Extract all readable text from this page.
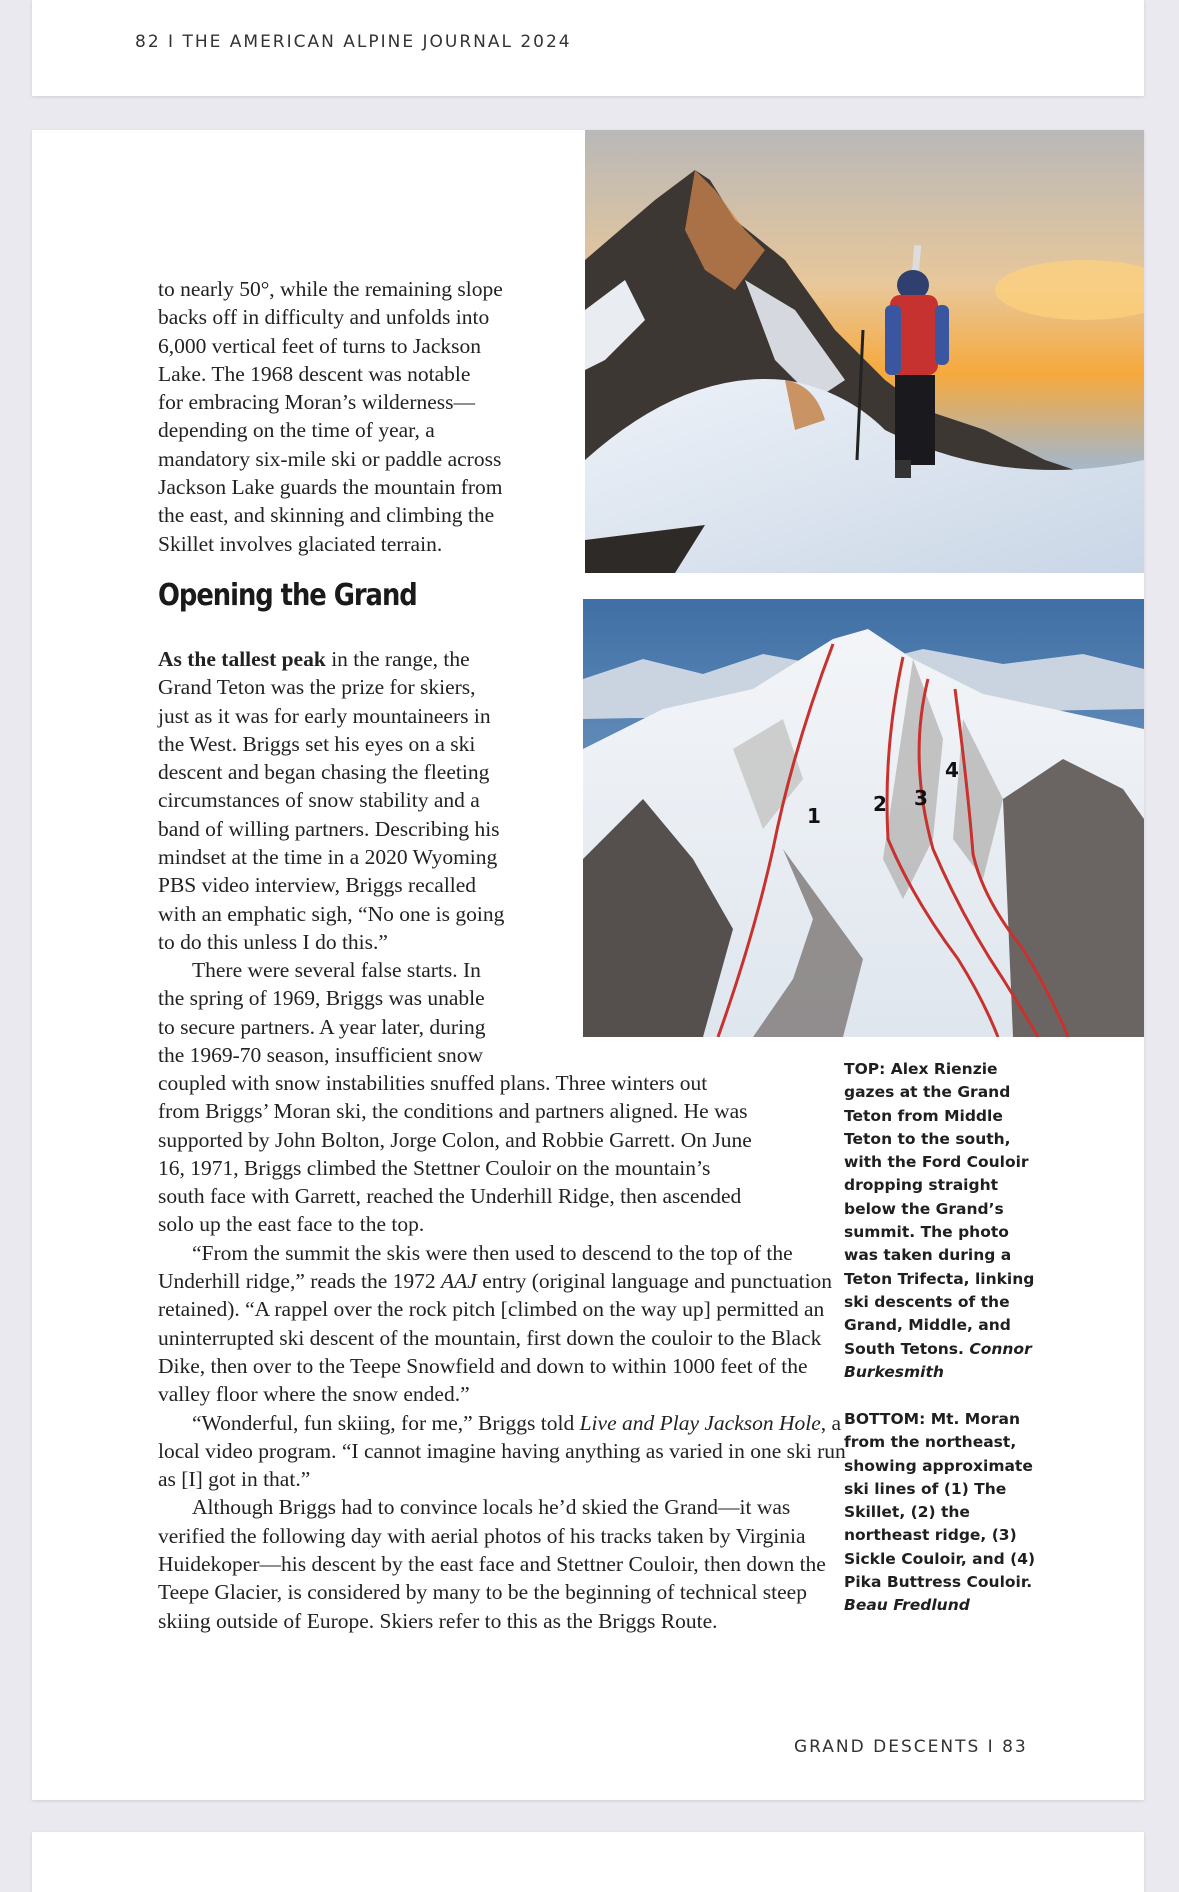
82 I THE AMERICAN ALPINE JOURNAL 2024
1	2 3
4
to nearly 50°, while the remaining slope
backs off in difficulty and unfolds into
6,000 vertical feet of turns to Jackson
Lake. The 1968 descent was notable
for embracing Moran’s wilderness—
depending on the time of year, a
mandatory six-mile ski or paddle across
Jackson Lake guards the mountain from
the east, and skinning and climbing the
Skillet involves glaciated terrain.
Opening the Grand
As the tallest peak in the range, the
Grand Teton was the prize for skiers,
just as it was for early mountaineers in
the West. Briggs set his eyes on a ski
descent and began chasing the fleeting
circumstances of snow stability and a
band of willing partners. Describing his
mindset at the time in a 2020 Wyoming
PBS video interview, Briggs recalled
with an emphatic sigh, “No one is going
to do this unless I do this.”
There were several false starts. In
the spring of 1969, Briggs was unable
to secure partners. A year later, during
the 1969-70 season, insufficient snow
coupled with snow instabilities snuffed plans. Three winters out
from Briggs’ Moran ski, the conditions and partners aligned. He was
supported by John Bolton, Jorge Colon, and Robbie Garrett. On June
16, 1971, Briggs climbed the Stettner Couloir on the mountain’s
south face with Garrett, reached the Underhill Ridge, then ascended
solo up the east face to the top.

“From the summit the skis were then used to descend to the top of the Underhill ridge,” reads the 1972 AAJ entry (original language and punctuation retained). “A rappel over the rock pitch [climbed on the way up] permitted an uninterrupted ski descent of the mountain, first down the couloir to the Black Dike, then over to the Teepe Snowfield and down to within 1000 feet of the valley floor where the snow ended.”

“Wonderful, fun skiing, for me,” Briggs told Live and Play Jackson Hole, a local video program. “I cannot imagine having anything as varied in one ski run as [I] got in that.”

Although Briggs had to convince locals he’d skied the Grand—it was verified the following day with aerial photos of his tracks taken by Virginia Huidekoper—his descent by the east face and Stettner Couloir, then down the Teepe Glacier, is considered by many to be the beginning of technical steep skiing outside of Europe. Skiers refer to this as the Briggs Route.

TOP: Alex Rienzie gazes at the Grand Teton from Middle Teton to the south, with the Ford Couloir dropping straight below the Grand’s summit. The photo was taken during a Teton Trifecta, linking ski descents of the Grand, Middle, and South Tetons. Connor Burkesmith
BOTTOM: Mt. Moran from the northeast, showing approximate ski lines of (1) The Skillet, (2) the northeast ridge, (3) Sickle Couloir, and (4) Pika Buttress Couloir. Beau Fredlund
GRAND DESCENTS I 83
